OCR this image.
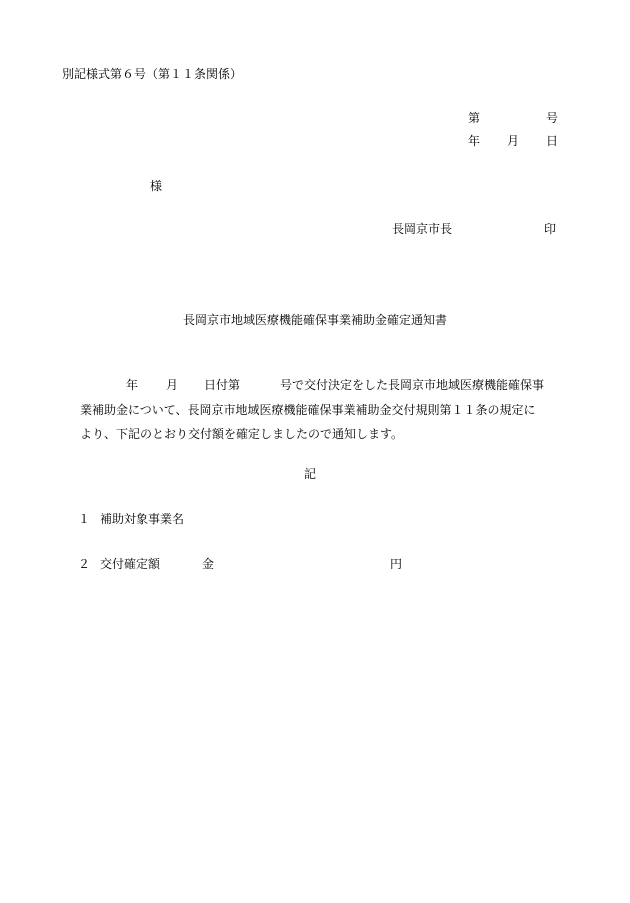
別記様式第６号（第１１条関係）
第	号
年 月 日
様
長岡京市長	印
長岡京市地域医療機能確保事業補助金確定通知書
年 月 日付第	号で交付決定をした長岡京市地域医療機能確保事
業補助金について、長岡京市地域医療機能確保事業補助金交付規則第１１条の規定に
より、下記のとおり交付額を確定しましたので通知します。
記
１ 補助対象事業名
２ 交付確定額	金	円
